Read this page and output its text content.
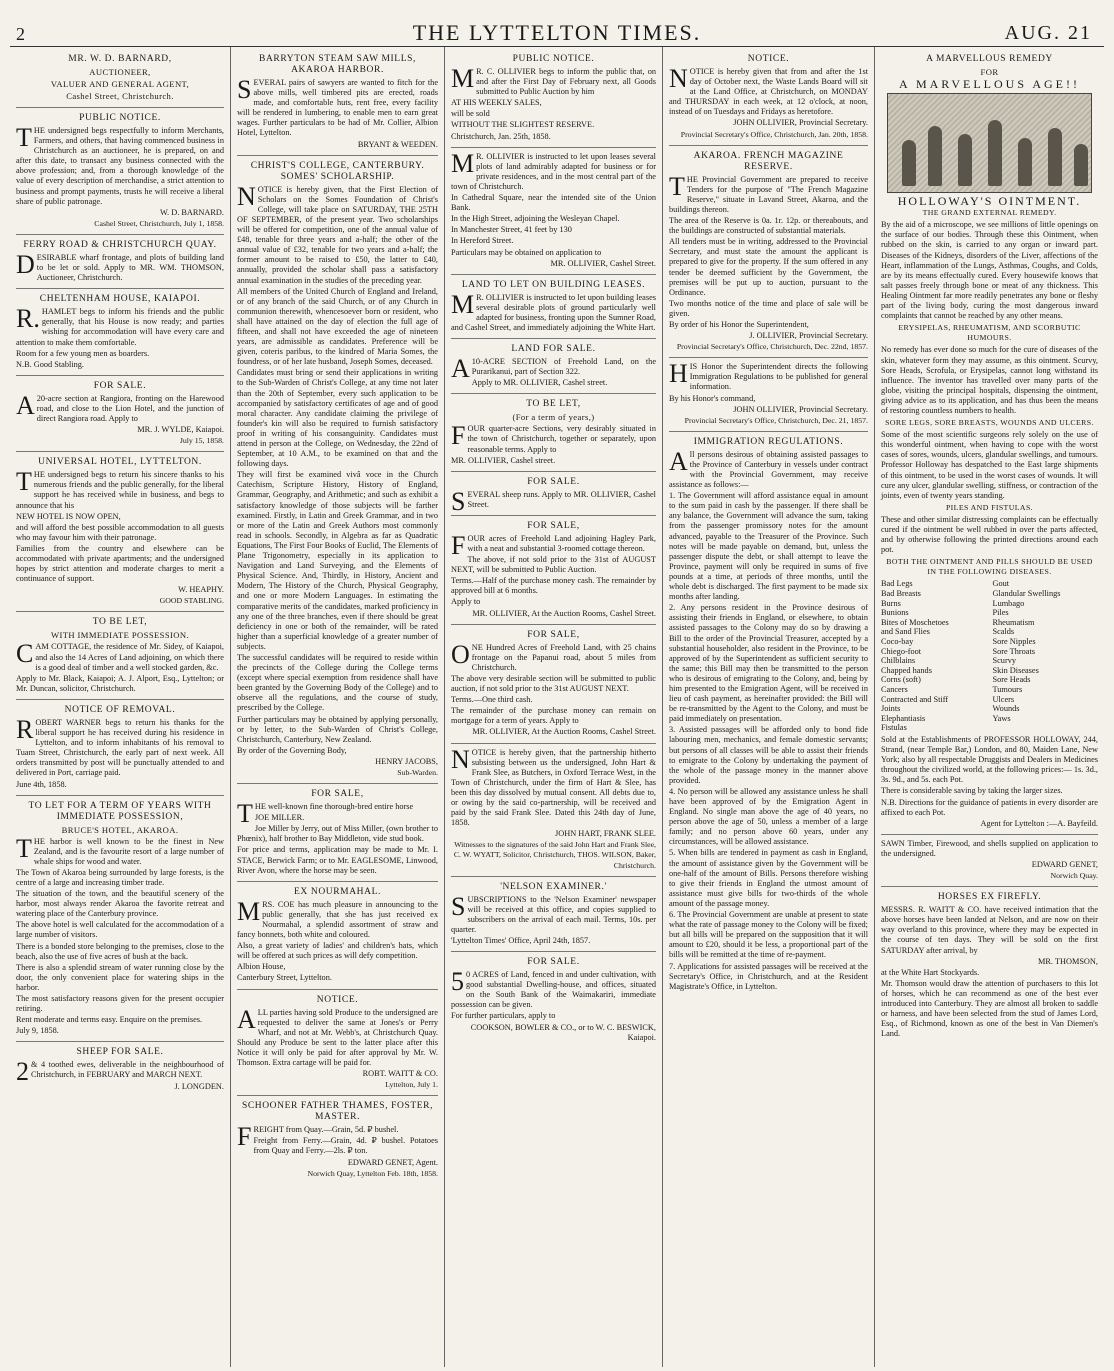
2	THE LYTTELTON TIMES.	AUG. 21
MR. W. D. BARNARD,
AUCTIONEER,
VALUER AND GENERAL AGENT,
Cashel Street, Christchurch.
PUBLIC NOTICE.

THE undersigned begs respectfully to inform Merchants, Farmers, and others, that having commenced business in Christchurch as an auctioneer, he is prepared, on and after this date, to transact any business connected with the above profession; and, from a thorough knowledge of the value of every description of merchandise, a strict attention to business and prompt payments, trusts he will receive a liberal share of public patronage.

W. D. BARNARD.

Cashel Street, Christchurch, July 1, 1858.

FERRY ROAD & CHRISTCHURCH QUAY.

DESIRABLE wharf frontage, and plots of building land to be let or sold. Apply to MR. WM. THOMSON, Auctioneer, Christchurch.

CHELTENHAM HOUSE, KAIAPOI.

R.HAMLET begs to inform his friends and the public generally, that his House is now ready; and parties wishing for accommodation will have every care and attention to make them comfortable.

Room for a few young men as boarders.

N.B. Good Stabling.

FOR SALE.

A20-acre section at Rangiora, fronting on the Harewood road, and close to the Lion Hotel, and the junction of direct Rangiora road. Apply to

MR. J. WYLDE, Kaiapoi.

July 15, 1858.

UNIVERSAL HOTEL, LYTTELTON.

THE undersigned begs to return his sincere thanks to his numerous friends and the public generally, for the liberal support he has received while in business, and begs to announce that his

NEW HOTEL IS NOW OPEN,

and will afford the best possible accommodation to all guests who may favour him with their patronage.

Families from the country and elsewhere can be accommodated with private apartments; and the undersigned hopes by strict attention and moderate charges to merit a continuance of support.

W. HEAPHY.

GOOD STABLING.

TO BE LET,
WITH IMMEDIATE POSSESSION.

CAM COTTAGE, the residence of Mr. Sidey, of Kaiapoi, and also the 14 Acres of Land adjoining, on which there is a good deal of timber and a well stocked garden, &c.

Apply to Mr. Black, Kaiapoi; A. J. Alport, Esq., Lyttelton; or Mr. Duncan, solicitor, Christchurch.

NOTICE OF REMOVAL.

ROBERT WARNER begs to return his thanks for the liberal support he has received during his residence in Lyttelton, and to inform inhabitants of his removal to Tuam Street, Christchurch, the early part of next week. All orders transmitted by post will be punctually attended to and delivered in Port, carriage paid.

June 4th, 1858.

TO LET FOR A TERM OF YEARS WITH IMMEDIATE POSSESSION,
BRUCE'S HOTEL, AKAROA.

THE harbor is well known to be the finest in New Zealand, and is the favourite resort of a large number of whale ships for wood and water.

The Town of Akaroa being surrounded by large forests, is the centre of a large and increasing timber trade.

The situation of the town, and the beautiful scenery of the harbor, most always render Akaroa the favorite retreat and watering place of the Canterbury province.

The above hotel is well calculated for the accommodation of a large number of visitors.

There is a bonded store belonging to the premises, close to the beach, also the use of five acres of bush at the back.

There is also a splendid stream of water running close by the door, the only convenient place for watering ships in the harbor.

The most satisfactory reasons given for the present occupier retiring.

Rent moderate and terms easy. Enquire on the premises.

July 9, 1858.

SHEEP FOR SALE.

2& 4 toothed ewes, deliverable in the neighbourhood of Christchurch, in FEBRUARY and MARCH NEXT.

J. LONGDEN.

BARRYTON STEAM SAW MILLS, AKAROA HARBOR.

SEVERAL pairs of sawyers are wanted to fitch for the above mills, well timbered pits are erected, roads made, and comfortable huts, rent free, every facility will be rendered in lumbering, to enable men to earn great wages. Further particulars to be had of Mr. Collier, Albion Hotel, Lyttelton.

BRYANT & WEEDEN.

CHRIST'S COLLEGE, CANTERBURY. SOMES' SCHOLARSHIP.

NOTICE is hereby given, that the First Election of Scholars on the Somes Foundation of Christ's College, will take place on SATURDAY, THE 25TH OF SEPTEMBER, of the present year. Two scholarships will be offered for competition, one of the annual value of £48, tenable for three years and a-half; the other of the annual value of £32, tenable for two years and a-half; the former amount to be raised to £50, the latter to £40, annually, provided the scholar shall pass a satisfactory annual examination in the studies of the preceding year.

All members of the United Church of England and Ireland, or of any branch of the said Church, or of any Church in communion therewith, whencesoever born or resident, who shall have attained on the day of election the full age of fifteen, and shall not have exceeded the age of nineteen years, are admissible as candidates. Preference will be given, coteris paribus, to the kindred of Maria Somes, the foundress, or of her late husband, Joseph Somes, deceased.

Candidates must bring or send their applications in writing to the Sub-Warden of Christ's College, at any time not later than the 20th of September, every such application to be accompanied by satisfactory certificates of age and of good moral character. Any candidate claiming the privilege of founder's kin will also be required to furnish satisfactory proof in writing of his consanguinity. Candidates must attend in person at the College, on Wednesday, the 22nd of September, at 10 A.M., to be examined on that and the following days.

They will first be examined vivâ voce in the Church Catechism, Scripture History, History of England, Grammar, Geography, and Arithmetic; and such as exhibit a satisfactory knowledge of those subjects will be farther examined. Firstly, in Latin and Greek Grammar, and in two or more of the Latin and Greek Authors most commonly read in schools. Secondly, in Algebra as far as Quadratic Equations, The First Four Books of Euclid, The Elements of Plane Trigonometry, especially in its application to Navigation and Land Surveying, and the Elements of Physical Science. And, Thirdly, in History, Ancient and Modern, The History of the Church, Physical Geography, and one or more Modern Languages. In estimating the comparative merits of the candidates, marked proficiency in any one of the three branches, even if there should be great deficiency in one or both of the remainder, will be rated higher than a superficial knowledge of a greater number of subjects.

The successful candidates will be required to reside within the precincts of the College during the College terms (except where special exemption from residence shall have been granted by the Governing Body of the College) and to observe all the regulations, and the course of study, prescribed by the College.

Further particulars may be obtained by applying personally, or by letter, to the Sub-Warden of Christ's College, Christchurch, Canterbury, New Zealand.

By order of the Governing Body,

HENRY JACOBS,

Sub-Warden.

FOR SALE,

THE well-known fine thorough-bred entire horse

JOE MILLER.

Joe Miller by Jerry, out of Miss Miller, (own brother to Phœnix), half brother to Bay Middleton, vide stud book.

For price and terms, application may be made to Mr. I. STACE, Berwick Farm; or to Mr. EAGLESOME, Linwood, River Avon, where the horse may be seen.

EX NOURMAHAL.

MRS. COE has much pleasure in announcing to the public generally, that she has just received ex Nourmahal, a splendid assortment of straw and fancy bonnets, both white and coloured.

Also, a great variety of ladies' and children's hats, which will be offered at such prices as will defy competition.

Albion House,

Canterbury Street, Lyttelton.

NOTICE.

ALL parties having sold Produce to the undersigned are requested to deliver the same at Jones's or Perry Wharf, and not at Mr. Webb's, at Christchurch Quay. Should any Produce be sent to the latter place after this Notice it will only be paid for after approval by Mr. W. Thomson. Extra cartage will be paid for.

ROBT. WAITT & CO.

Lyttelton, July 1.

SCHOONER FATHER THAMES, FOSTER, MASTER.

FREIGHT from Quay.—Grain, 5d. ₽ bushel.

Freight from Ferry.—Grain, 4d. ₽ bushel. Potatoes from Quay and Ferry.—2ls. ₽ ton.

EDWARD GENET, Agent.

Norwich Quay, Lyttelton Feb. 18th, 1858.

PUBLIC NOTICE.

MR. C. OLLIVIER begs to inform the public that, on and after the First Day of February next, all Goods submitted to Public Auction by him

AT HIS WEEKLY SALES,

will be sold

WITHOUT THE SLIGHTEST RESERVE.

Christchurch, Jan. 25th, 1858.

MR. OLLIVIER is instructed to let upon leases several plots of land admirably adapted for business or for private residences, and in the most central part of the town of Christchurch.

In Cathedral Square, near the intended site of the Union Bank.

In the High Street, adjoining the Wesleyan Chapel.

In Manchester Street, 41 feet by 130

In Hereford Street.

Particulars may be obtained on application to

MR. OLLIVIER, Cashel Street.

LAND TO LET ON BUILDING LEASES.

MR. OLLIVIER is instructed to let upon building leases several desirable plots of ground particularly well adapted for business, fronting upon the Sumner Road, and Cashel Street, and immediately adjoining the White Hart.

LAND FOR SALE.

A10-ACRE SECTION of Freehold Land, on the Purarikanui, part of Section 322.

Apply to MR. OLLIVIER, Cashel street.

TO BE LET,
(For a term of years,)

FOUR quarter-acre Sections, very desirably situated in the town of Christchurch, together or separately, upon reasonable terms. Apply to

MR. OLLIVIER, Cashel street.

FOR SALE.

SEVERAL sheep runs. Apply to MR. OLLIVIER, Cashel Street.

FOR SALE,

FOUR acres of Freehold Land adjoining Hagley Park, with a neat and substantial 3-roomed cottage thereon.

The above, if not sold prior to the 31st of AUGUST NEXT, will be submitted to Public Auction.

Terms.—Half of the purchase money cash. The remainder by approved bill at 6 months.

Apply to

MR. OLLIVIER, At the Auction Rooms, Cashel Street.

FOR SALE,

ONE Hundred Acres of Freehold Land, with 25 chains frontage on the Papanui road, about 5 miles from Christchurch.

The above very desirable section will be submitted to public auction, if not sold prior to the 31st AUGUST NEXT.

Terms.—One third cash.

The remainder of the purchase money can remain on mortgage for a term of years. Apply to

MR. OLLIVIER, At the Auction Rooms, Cashel Street.

NOTICE is hereby given, that the partnership hitherto subsisting between us the undersigned, John Hart & Frank Slee, as Butchers, in Oxford Terrace West, in the Town of Christchurch, under the firm of Hart & Slee, has been this day dissolved by mutual consent. All debts due to, or owing by the said co-partnership, will be received and paid by the said Frank Slee. Dated this 24th day of June, 1858.

JOHN HART, FRANK SLEE.

Witnesses to the signatures of the said John Hart and Frank Slee, C. W. WYATT, Solicitor, Christchurch, THOS. WILSON, Baker, Christchurch.

'NELSON EXAMINER.'

SUBSCRIPTIONS to the 'Nelson Examiner' newspaper will be received at this office, and copies supplied to subscribers on the arrival of each mail. Terms, 10s. per quarter.

'Lyttelton Times' Office, April 24th, 1857.

FOR SALE.

50 ACRES of Land, fenced in and under cultivation, with good substantial Dwelling-house, and offices, situated on the South Bank of the Waimakariri, immediate possession can be given.

For further particulars, apply to

COOKSON, BOWLER & CO., or to W. C. BESWICK, Kaiapoi.

NOTICE.

NOTICE is hereby given that from and after the 1st day of October next, the Waste Lands Board will sit at the Land Office, at Christchurch, on MONDAY and THURSDAY in each week, at 12 o'clock, at noon, instead of on Tuesdays and Fridays as heretofore.

JOHN OLLIVIER, Provincial Secretary.

Provincial Secretary's Office, Christchurch, Jan. 20th, 1858.

AKAROA. FRENCH MAGAZINE RESERVE.

THE Provincial Government are prepared to receive Tenders for the purpose of "The French Magazine Reserve," situate in Lavand Street, Akaroa, and the buildings thereon.

The area of the Reserve is 0a. 1r. 12p. or thereabouts, and the buildings are constructed of substantial materials.

All tenders must be in writing, addressed to the Provincial Secretary, and must state the amount the applicant is prepared to give for the property. If the sum offered in any tender be deemed sufficient by the Government, the premises will be put up to auction, pursuant to the Ordinance.

Two months notice of the time and place of sale will be given.

By order of his Honor the Superintendent,

J. OLLIVIER, Provincial Secretary.

Provincial Secretary's Office, Christchurch, Dec. 22nd, 1857.

HIS Honor the Superintendent directs the following Immigration Regulations to be published for general information.

By his Honor's command,

JOHN OLLIVIER, Provincial Secretary.

Provincial Secretary's Office, Christchurch, Dec. 21, 1857.

IMMIGRATION REGULATIONS.

All persons desirous of obtaining assisted passages to the Province of Canterbury in vessels under contract with the Provincial Government, may receive assistance as follows:—

1. The Government will afford assistance equal in amount to the sum paid in cash by the passenger. If there shall be any balance, the Government will advance the sum, taking from the passenger promissory notes for the amount advanced, payable to the Treasurer of the Province. Such notes will be made payable on demand, but, unless the passenger dispute the debt, or shall attempt to leave the Province, payment will only be required in sums of five pounds at a time, at periods of three months, until the whole debt is discharged. The first payment to be made six months after landing.

2. Any persons resident in the Province desirous of assisting their friends in England, or elsewhere, to obtain assisted passages to the Colony may do so by drawing a Bill to the order of the Provincial Treasurer, accepted by a substantial householder, also resident in the Province, to be approved of by the Superintendent as sufficient security to the same; this Bill may then be transmitted to the person who is desirous of emigrating to the Colony, and, being by him presented to the Emigration Agent, will be received in lieu of cash payment, as hereinafter provided: the Bill will be re-transmitted by the Agent to the Colony, and must be paid immediately on presentation.

3. Assisted passages will be afforded only to bond fide labouring men, mechanics, and female domestic servants; but persons of all classes will be able to assist their friends to emigrate to the Colony by undertaking the payment of the whole of the passage money in the manner above provided.

4. No person will be allowed any assistance unless he shall have been approved of by the Emigration Agent in England. No single man above the age of 40 years, no person above the age of 50, unless a member of a large family; and no person above 60 years, under any circumstances, will be allowed assistance.

5. When bills are tendered in payment as cash in England, the amount of assistance given by the Government will be one-half of the amount of Bills. Persons therefore wishing to give their friends in England the utmost amount of assistance must give bills for two-thirds of the whole amount of the passage money.

6. The Provincial Government are unable at present to state what the rate of passage money to the Colony will be fixed; but all bills will be prepared on the supposition that it will amount to £20, should it be less, a proportional part of the bills will be remitted at the time of re-payment.

7. Applications for assisted passages will be received at the Secretary's Office, in Christchurch, and at the Resident Magistrate's Office, in Lyttelton.

A MARVELLOUS REMEDY
FOR
A MARVELLOUS AGE!!
HOLLOWAY'S OINTMENT.
THE GRAND EXTERNAL REMEDY.

By the aid of a microscope, we see millions of little openings on the surface of our bodies. Through these this Ointment, when rubbed on the skin, is carried to any organ or inward part. Diseases of the Kidneys, disorders of the Liver, affections of the Heart, inflammation of the Lungs, Asthmas, Coughs, and Colds, are by its means effectually cured. Every housewife knows that salt passes freely through bone or meat of any thickness. This Healing Ointment far more readily penetrates any bone or fleshy part of the living body, curing the most dangerous inward complaints that cannot be reached by any other means.

ERYSIPELAS, RHEUMATISM, AND SCORBUTIC HUMOURS.

No remedy has ever done so much for the cure of diseases of the skin, whatever form they may assume, as this ointment. Scurvy, Sore Heads, Scrofula, or Erysipelas, cannot long withstand its influence. The inventor has travelled over many parts of the globe, visiting the principal hospitals, dispensing the ointment, giving advice as to its application, and has thus been the means of restoring countless numbers to health.

SORE LEGS, SORE BREASTS, WOUNDS AND ULCERS.

Some of the most scientific surgeons rely solely on the use of this wonderful ointment, when having to cope with the worst cases of sores, wounds, ulcers, glandular swellings, and tumours. Professor Holloway has despatched to the East large shipments of this ointment, to be used in the worst cases of wounds. It will cure any ulcer, glandular swelling, stiffness, or contraction of the joints, even of twenty years standing.

PILES AND FISTULAS.

These and other similar distressing complaints can be effectually cured if the ointment be well rubbed in over the parts affected, and by otherwise following the printed directions around each pot.

BOTH THE OINTMENT AND PILLS SHOULD BE USED IN THE FOLLOWING DISEASES.
Bad Legs
Bad Breasts
Burns
Bunions
Bites of Moschetoes
and Sand Flies
Coco-bay
Chiego-foot
Chilblains
Chapped hands
Corns (soft)
Cancers
Contracted and Stiff
Joints
Elephantiasis
Fistulas
Gout
Glandular Swellings
Lumbago
Piles
Rheumatism
Scalds
Sore Nipples
Sore Throats
Scurvy
Skin Diseases
Sore Heads
Tumours
Ulcers
Wounds
Yaws

Sold at the Establishments of PROFESSOR HOLLOWAY, 244, Strand, (near Temple Bar,) London, and 80, Maiden Lane, New York; also by all respectable Druggists and Dealers in Medicines throughout the civilized world, at the following prices:— 1s. 3d., 3s. 9d., and 5s. each Pot.

There is considerable saving by taking the larger sizes.

N.B. Directions for the guidance of patients in every disorder are affixed to each Pot.

Agent for Lyttelton :—A. Bayfeild.

SAWN Timber, Firewood, and shells supplied on application to the undersigned.

EDWARD GENET,

Norwich Quay.

HORSES EX FIREFLY.

MESSRS. R. WAITT & CO. have received intimation that the above horses have been landed at Nelson, and are now on their way overland to this province, where they may be expected in the course of ten days. They will be sold on the first SATURDAY after arrival, by

MR. THOMSON,

at the White Hart Stockyards.

Mr. Thomson would draw the attention of purchasers to this lot of horses, which he can recommend as one of the best ever introduced into Canterbury. They are almost all broken to saddle or harness, and have been selected from the stud of James Lord, Esq., of Richmond, known as one of the best in Van Diemen's Land.
